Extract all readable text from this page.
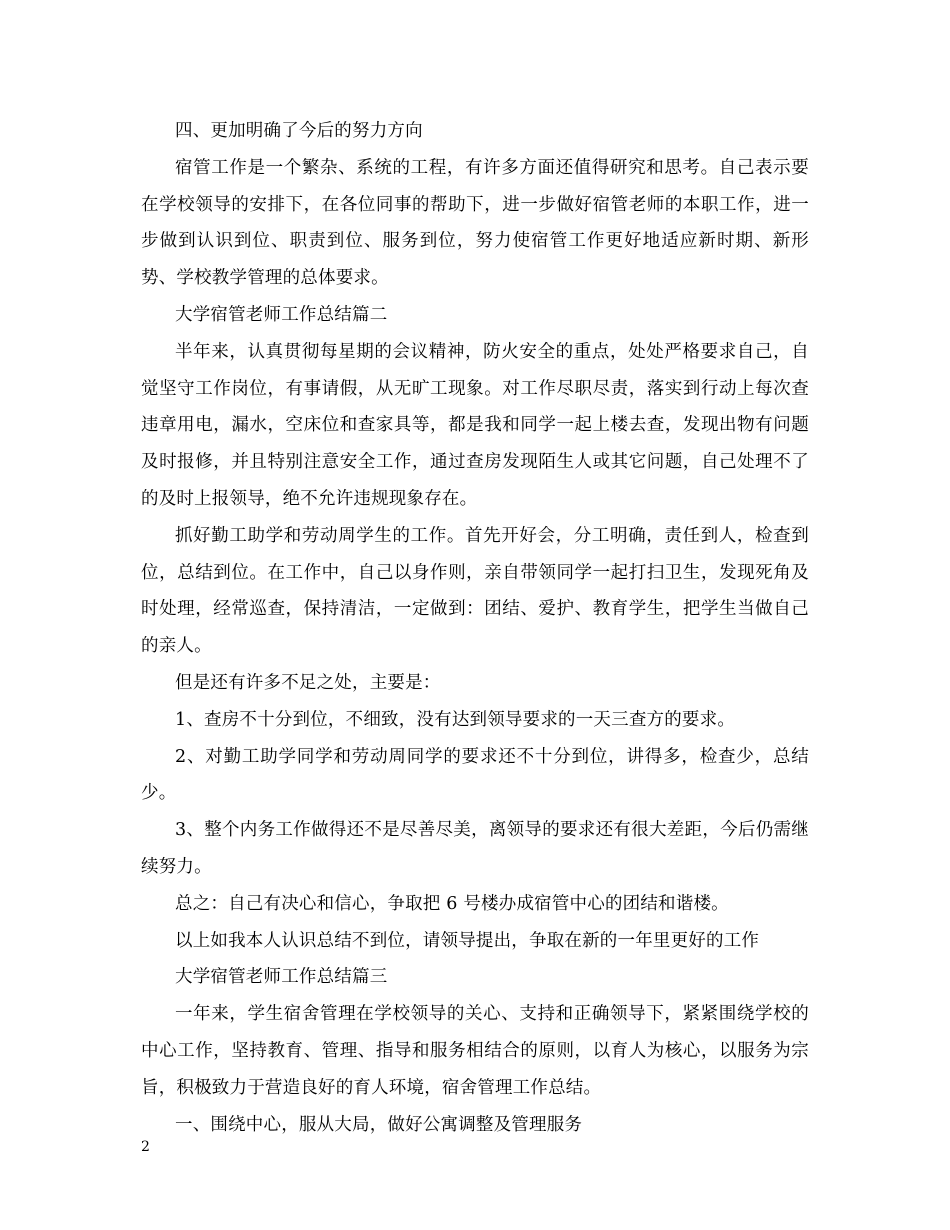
四、更加明确了今后的努力方向

宿管工作是一个繁杂、系统的工程，有许多方面还值得研究和思考。自己表示要在学校领导的安排下，在各位同事的帮助下，进一步做好宿管老师的本职工作，进一步做到认识到位、职责到位、服务到位，努力使宿管工作更好地适应新时期、新形势、学校教学管理的总体要求。

大学宿管老师工作总结篇二

半年来，认真贯彻每星期的会议精神，防火安全的重点，处处严格要求自己，自觉坚守工作岗位，有事请假，从无旷工现象。对工作尽职尽责，落实到行动上每次查违章用电，漏水，空床位和查家具等，都是我和同学一起上楼去查，发现出物有问题及时报修，并且特别注意安全工作，通过查房发现陌生人或其它问题，自己处理不了的及时上报领导，绝不允许违规现象存在。

抓好勤工助学和劳动周学生的工作。首先开好会，分工明确，责任到人，检查到位，总结到位。在工作中，自己以身作则，亲自带领同学一起打扫卫生，发现死角及时处理，经常巡查，保持清洁，一定做到：团结、爱护、教育学生，把学生当做自己的亲人。

但是还有许多不足之处，主要是：

1、查房不十分到位，不细致，没有达到领导要求的一天三查方的要求。

2、对勤工助学同学和劳动周同学的要求还不十分到位，讲得多，检查少，总结少。

3、整个内务工作做得还不是尽善尽美，离领导的要求还有很大差距，今后仍需继续努力。

总之：自己有决心和信心，争取把 6 号楼办成宿管中心的团结和谐楼。

以上如我本人认识总结不到位，请领导提出，争取在新的一年里更好的工作

大学宿管老师工作总结篇三

一年来，学生宿舍管理在学校领导的关心、支持和正确领导下，紧紧围绕学校的中心工作，坚持教育、管理、指导和服务相结合的原则，以育人为核心，以服务为宗旨，积极致力于营造良好的育人环境，宿舍管理工作总结。

一、围绕中心，服从大局，做好公寓调整及管理服务

2
